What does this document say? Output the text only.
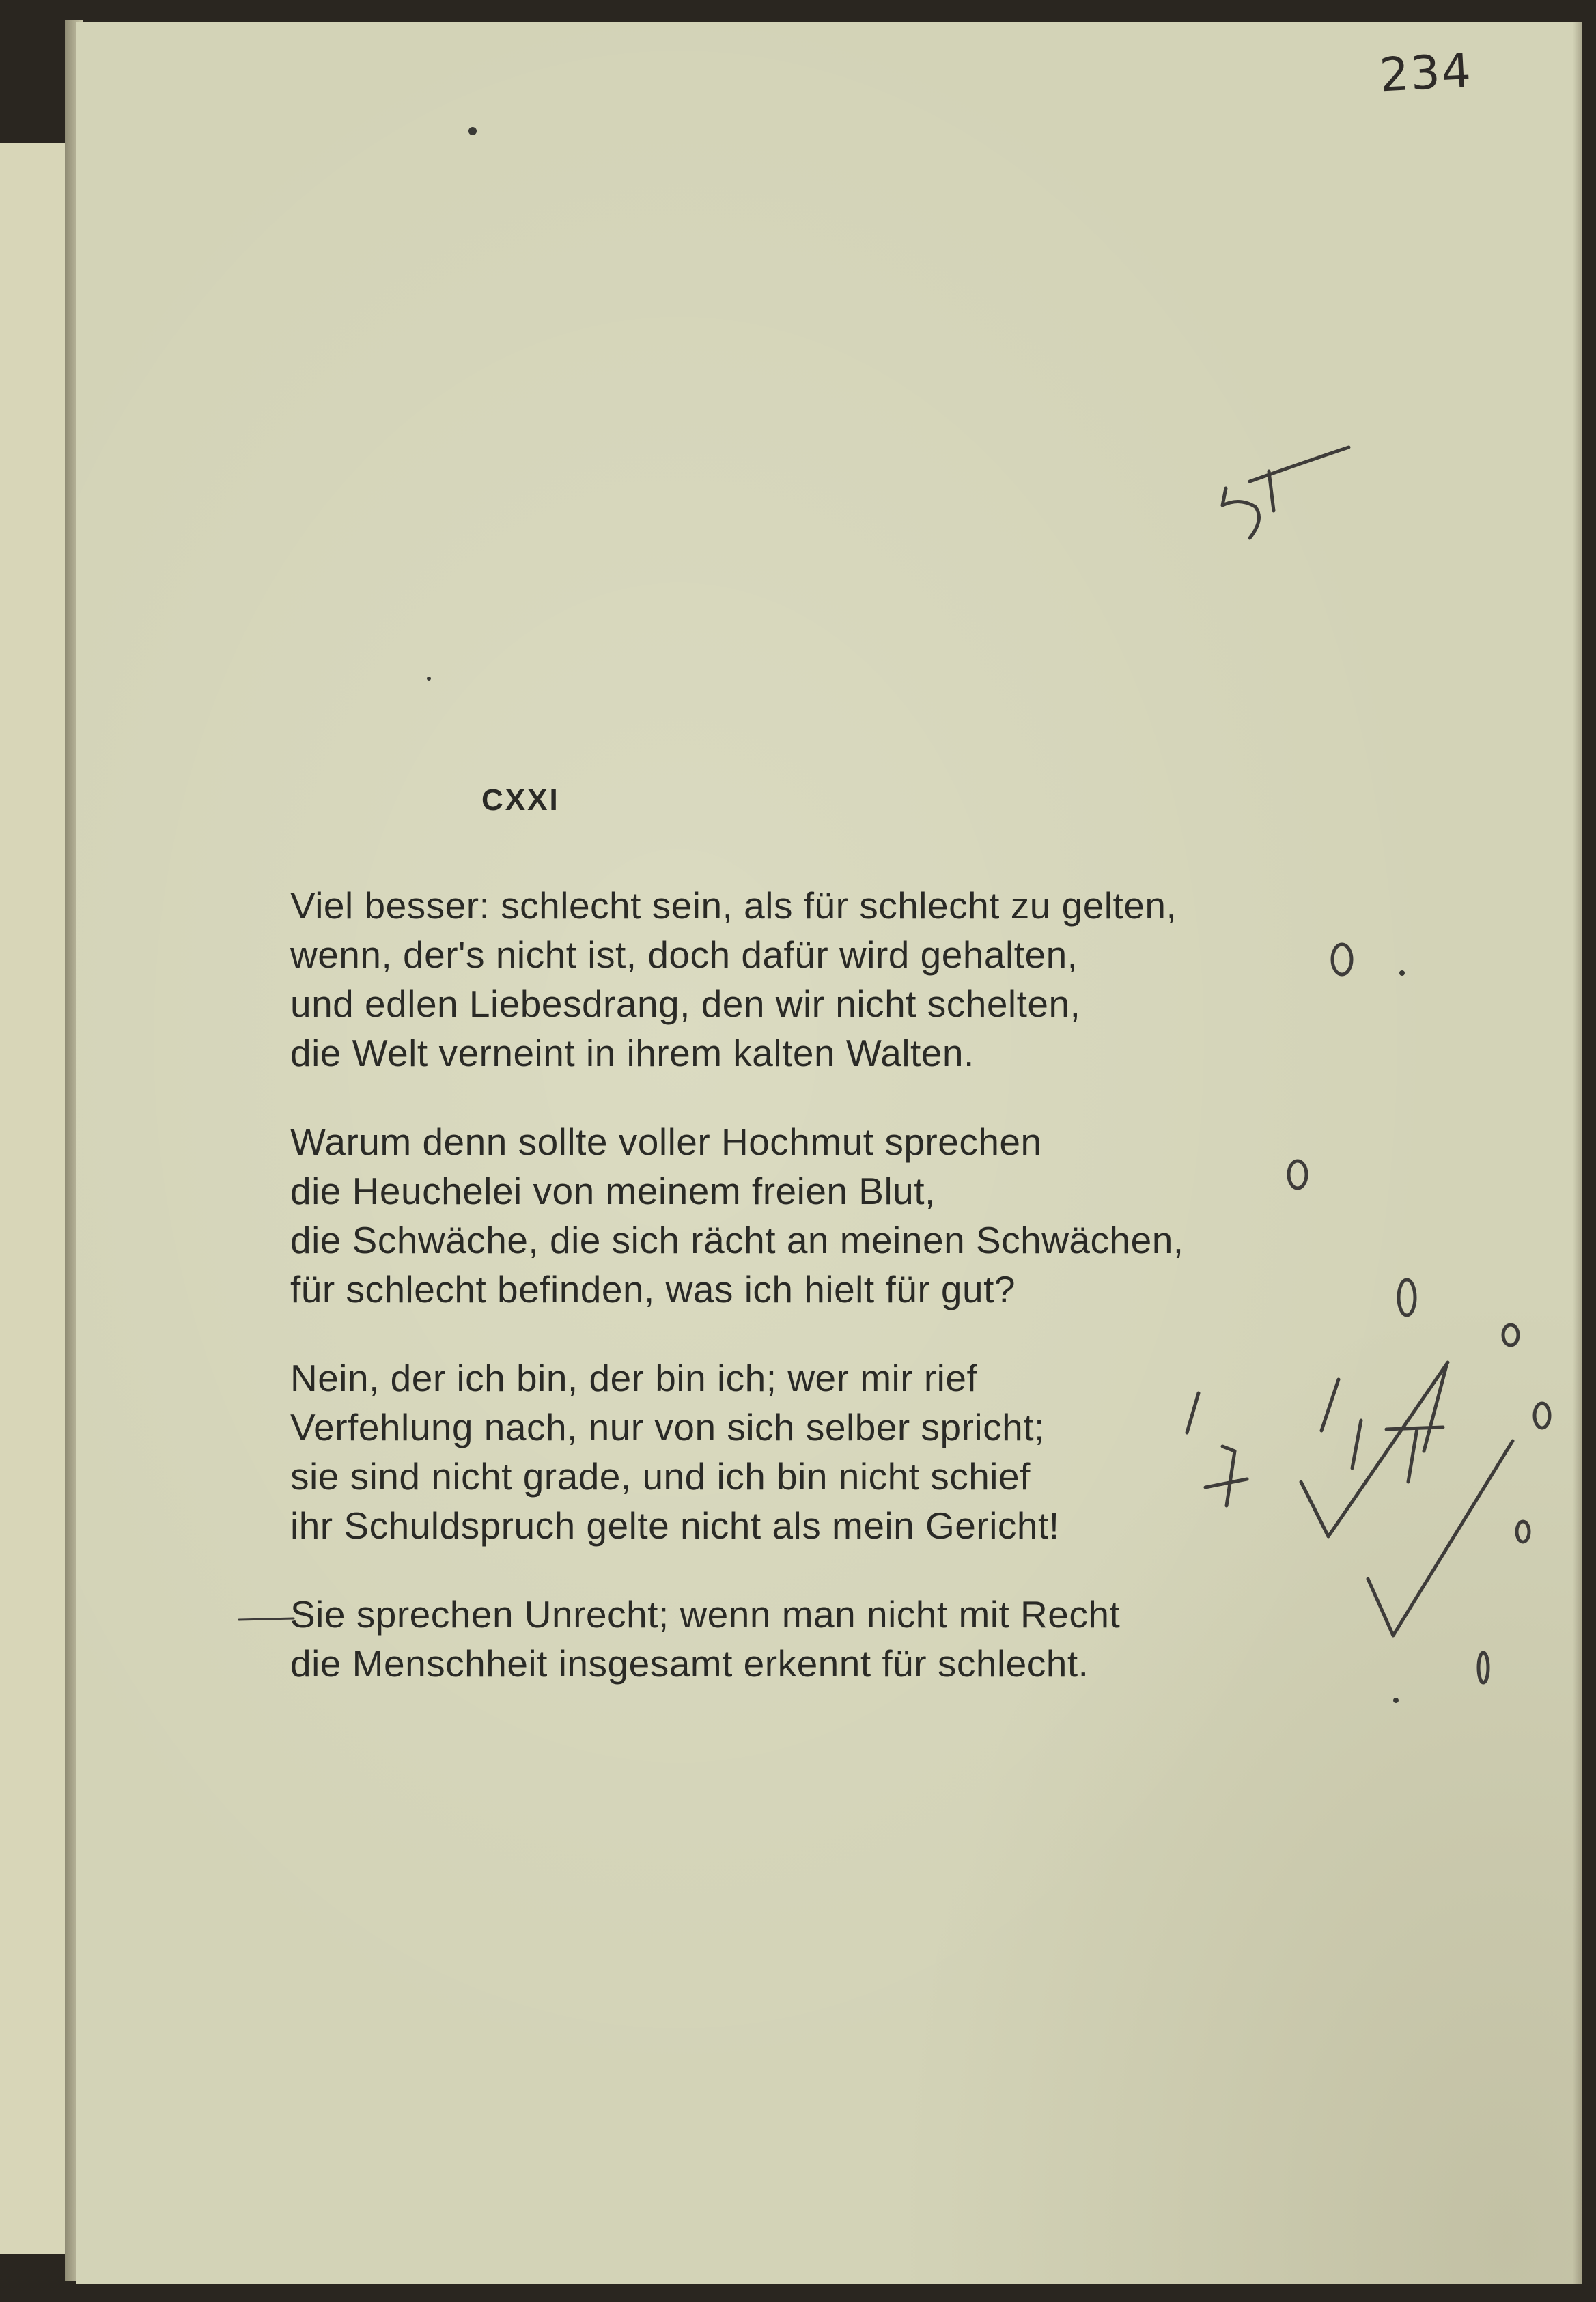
234
CXXI
Viel besser: schlecht sein, als für schlecht zu gelten,
wenn, der's nicht ist, doch dafür wird gehalten,
und edlen Liebesdrang, den wir nicht schelten,
die Welt verneint in ihrem kalten Walten.
Warum denn sollte voller Hochmut sprechen
die Heuchelei von meinem freien Blut,
die Schwäche, die sich rächt an meinen Schwächen,
für schlecht befinden, was ich hielt für gut?
Nein, der ich bin, der bin ich; wer mir rief
Verfehlung nach, nur von sich selber spricht;
sie sind nicht grade, und ich bin nicht schief
ihr Schuldspruch gelte nicht als mein Gericht!
Sie sprechen Unrecht; wenn man nicht mit Recht
die Menschheit insgesamt erkennt für schlecht.
